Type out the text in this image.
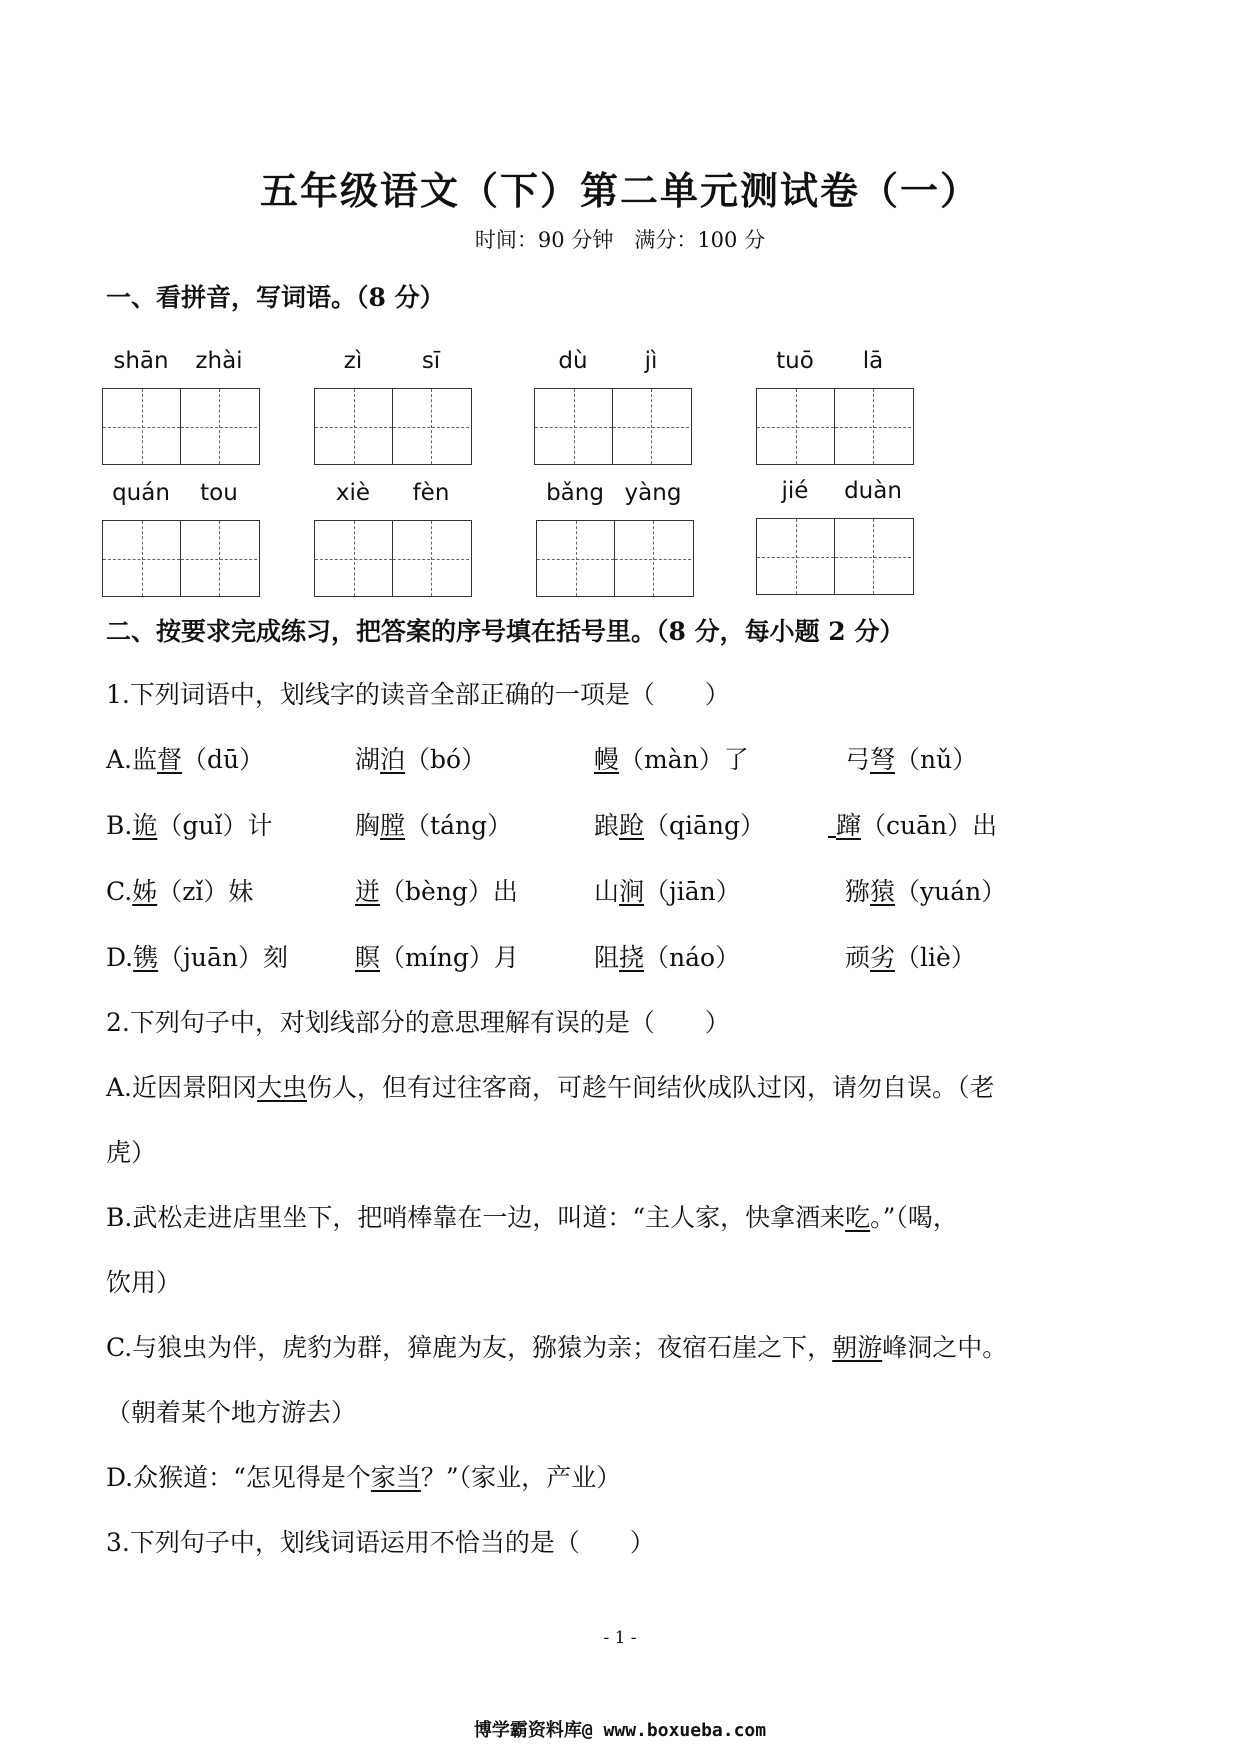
五年级语文（下）第二单元测试卷（一）
时间：90 分钟　满分：100 分
一、看拼音，写词语。（8 分）
shān	zhài	zì	sī	dù	jì	tuō	lā
quán	tou	xiè	fèn	bǎng yàng	jié	duàn
二、按要求完成练习，把答案的序号填在括号里。（8 分，每小题 2 分）
1.下列词语中，划线字的读音全部正确的一项是（　　）
A.监督（dū）	湖泊（bó）	幔（màn）了	弓弩（nǔ）
B.诡（guǐ）计	胸膛（táng）	踉跄（qiāng）	蹿（cuān）出
C.姊（zǐ）妹	迸（bèng）出	山涧（jiān）	猕猿（yuán）
D.镌（juān）刻	瞑（míng）月	阻挠（náo）	顽劣（liè）
2.下列句子中，对划线部分的意思理解有误的是（　　）
A.近因景阳冈大虫伤人，但有过往客商，可趁午间结伙成队过冈，请勿自误。（老
虎）
B.武松走进店里坐下，把哨棒靠在一边，叫道：“主人家，快拿酒来吃。”（喝，
饮用）
C.与狼虫为伴，虎豹为群，獐鹿为友，猕猿为亲；夜宿石崖之下，朝游峰洞之中。
（朝着某个地方游去）
D.众猴道：“怎见得是个家当？”（家业，产业）
3.下列句子中，划线词语运用不恰当的是（　　）
- 1 -
博学霸资料库@ www.boxueba.com
